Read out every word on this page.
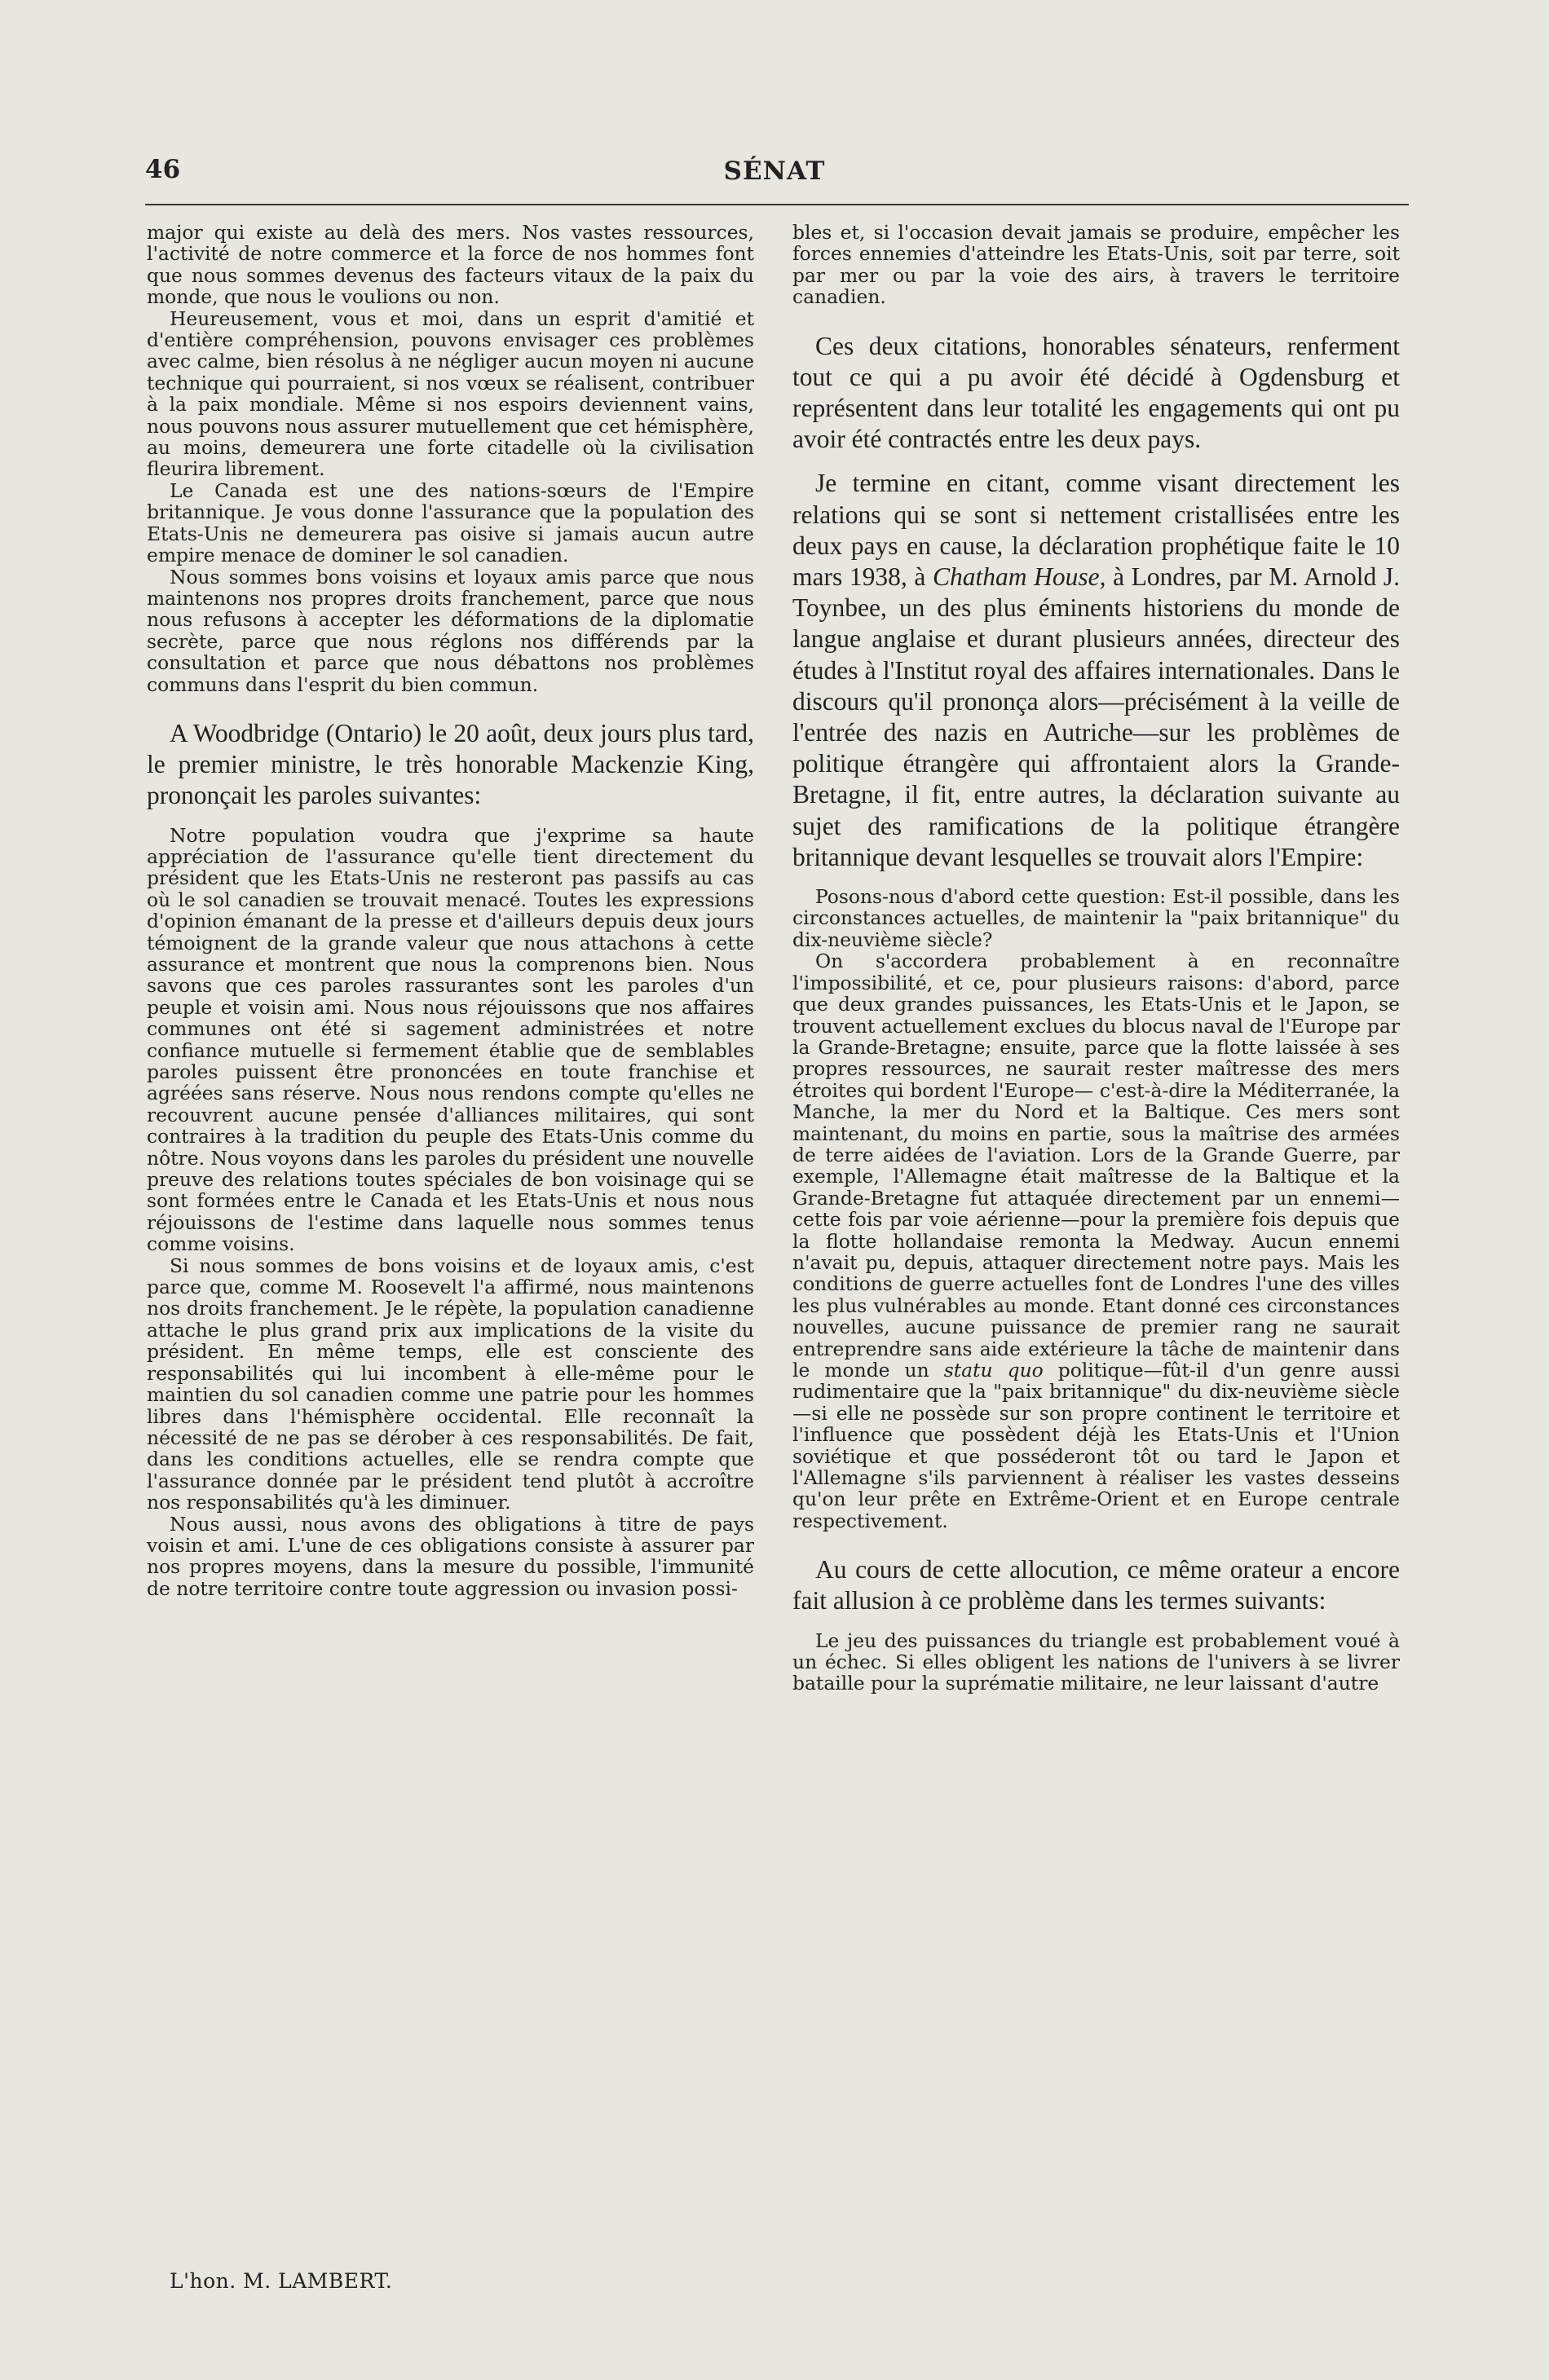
46	SÉNAT

major qui existe au delà des mers. Nos vastes ressources, l'activité de notre commerce et la force de nos hommes font que nous sommes devenus des facteurs vitaux de la paix du monde, que nous le voulions ou non.

Heureusement, vous et moi, dans un esprit d'amitié et d'entière compréhension, pouvons envisager ces problèmes avec calme, bien résolus à ne négliger aucun moyen ni aucune technique qui pourraient, si nos vœux se réalisent, contribuer à la paix mondiale. Même si nos espoirs deviennent vains, nous pouvons nous assurer mutuellement que cet hémisphère, au moins, demeurera une forte citadelle où la civilisation fleurira librement.

Le Canada est une des nations-sœurs de l'Empire britannique. Je vous donne l'assurance que la population des Etats-Unis ne demeurera pas oisive si jamais aucun autre empire menace de dominer le sol canadien.

Nous sommes bons voisins et loyaux amis parce que nous maintenons nos propres droits franchement, parce que nous nous refusons à accepter les déformations de la diplomatie secrète, parce que nous réglons nos différends par la consultation et parce que nous débattons nos problèmes communs dans l'esprit du bien commun.

A Woodbridge (Ontario) le 20 août, deux jours plus tard, le premier ministre, le très honorable Mackenzie King, prononçait les paroles suivantes:

Notre population voudra que j'exprime sa haute appréciation de l'assurance qu'elle tient directement du président que les Etats-Unis ne resteront pas passifs au cas où le sol canadien se trouvait menacé. Toutes les expressions d'opinion émanant de la presse et d'ailleurs depuis deux jours témoignent de la grande valeur que nous attachons à cette assurance et montrent que nous la comprenons bien. Nous savons que ces paroles rassurantes sont les paroles d'un peuple et voisin ami. Nous nous réjouissons que nos affaires communes ont été si sagement administrées et notre confiance mutuelle si fermement établie que de semblables paroles puissent être prononcées en toute franchise et agréées sans réserve. Nous nous rendons compte qu'elles ne recouvrent aucune pensée d'alliances militaires, qui sont contraires à la tradition du peuple des Etats-Unis comme du nôtre. Nous voyons dans les paroles du président une nouvelle preuve des relations toutes spéciales de bon voisinage qui se sont formées entre le Canada et les Etats-Unis et nous nous réjouissons de l'estime dans laquelle nous sommes tenus comme voisins.

Si nous sommes de bons voisins et de loyaux amis, c'est parce que, comme M. Roosevelt l'a affirmé, nous maintenons nos droits franchement. Je le répète, la population canadienne attache le plus grand prix aux implications de la visite du président. En même temps, elle est consciente des responsabilités qui lui incombent à elle-même pour le maintien du sol canadien comme une patrie pour les hommes libres dans l'hémisphère occidental. Elle reconnaît la nécessité de ne pas se dérober à ces responsabilités. De fait, dans les conditions actuelles, elle se rendra compte que l'assurance donnée par le président tend plutôt à accroître nos responsabilités qu'à les diminuer.

Nous aussi, nous avons des obligations à titre de pays voisin et ami. L'une de ces obligations consiste à assurer par nos propres moyens, dans la mesure du possible, l'immunité de notre territoire contre toute aggression ou invasion possi-

bles et, si l'occasion devait jamais se produire, empêcher les forces ennemies d'atteindre les Etats-Unis, soit par terre, soit par mer ou par la voie des airs, à travers le territoire canadien.

Ces deux citations, honorables sénateurs, renferment tout ce qui a pu avoir été décidé à Ogdensburg et représentent dans leur totalité les engagements qui ont pu avoir été contractés entre les deux pays.

Je termine en citant, comme visant directement les relations qui se sont si nettement cristallisées entre les deux pays en cause, la déclaration prophétique faite le 10 mars 1938, à Chatham House, à Londres, par M. Arnold J. Toynbee, un des plus éminents historiens du monde de langue anglaise et durant plusieurs années, directeur des études à l'Institut royal des affaires internationales. Dans le discours qu'il prononça alors—précisément à la veille de l'entrée des nazis en Autriche—sur les problèmes de politique étrangère qui affrontaient alors la Grande-Bretagne, il fit, entre autres, la déclaration suivante au sujet des ramifications de la politique étrangère britannique devant lesquelles se trouvait alors l'Empire:

Posons-nous d'abord cette question: Est-il possible, dans les circonstances actuelles, de maintenir la "paix britannique" du dix-neuvième siècle?

On s'accordera probablement à en reconnaître l'impossibilité, et ce, pour plusieurs raisons: d'abord, parce que deux grandes puissances, les Etats-Unis et le Japon, se trouvent actuellement exclues du blocus naval de l'Europe par la Grande-Bretagne; ensuite, parce que la flotte laissée à ses propres ressources, ne saurait rester maîtresse des mers étroites qui bordent l'Europe— c'est-à-dire la Méditerranée, la Manche, la mer du Nord et la Baltique. Ces mers sont maintenant, du moins en partie, sous la maîtrise des armées de terre aidées de l'aviation. Lors de la Grande Guerre, par exemple, l'Allemagne était maîtresse de la Baltique et la Grande-Bretagne fut attaquée directement par un ennemi—cette fois par voie aérienne—pour la première fois depuis que la flotte hollandaise remonta la Medway. Aucun ennemi n'avait pu, depuis, attaquer directement notre pays. Mais les conditions de guerre actuelles font de Londres l'une des villes les plus vulnérables au monde. Etant donné ces circonstances nouvelles, aucune puissance de premier rang ne saurait entreprendre sans aide extérieure la tâche de maintenir dans le monde un statu quo politique—fût-il d'un genre aussi rudimentaire que la "paix britannique" du dix-neuvième siècle—si elle ne possède sur son propre continent le territoire et l'influence que possèdent déjà les Etats-Unis et l'Union soviétique et que posséderont tôt ou tard le Japon et l'Allemagne s'ils parviennent à réaliser les vastes desseins qu'on leur prête en Extrême-Orient et en Europe centrale respectivement.

Au cours de cette allocution, ce même orateur a encore fait allusion à ce problème dans les termes suivants:

Le jeu des puissances du triangle est probablement voué à un échec. Si elles obligent les nations de l'univers à se livrer bataille pour la suprématie militaire, ne leur laissant d'autre

L'hon. M. LAMBERT.
